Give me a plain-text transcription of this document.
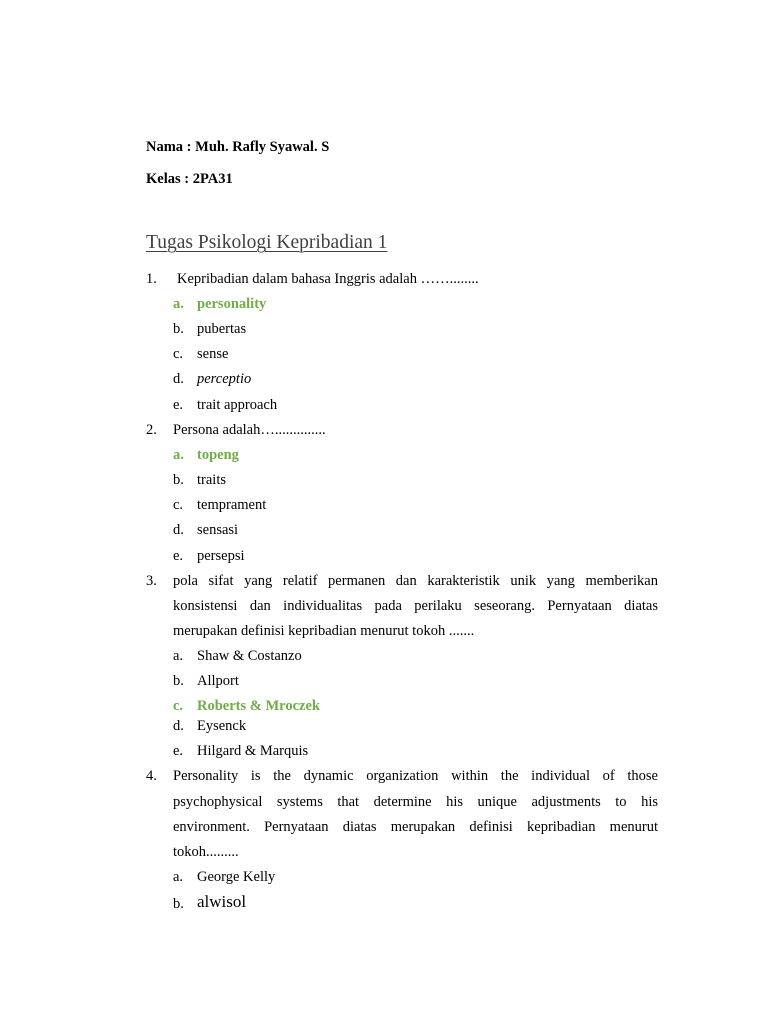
Nama : Muh. Rafly Syawal. S
Kelas : 2PA31
Tugas Psikologi Kepribadian 1
1. Kepribadian dalam bahasa Inggris adalah ……........
a. personality
b. pubertas
c. sense
d. perceptio
e. trait approach
2. Persona adalah…..............
a. topeng
b. traits
c. tempramen​t
d. sensasi
e. persepsi
3. pola sifat yang relatif permanen dan karakteristik unik yang memberikan
konsistensi dan individualitas pada perilaku seseorang. Pernyataan diatas
merupakan definisi kepribadian menurut tokoh .......
a. Shaw & Costanzo
b. Allport
c. Roberts & Mroczek
d. Eysenck
e. Hilgard & Marquis
4. Personality is the dynamic organization within the individual of those
psychophysical systems that determine his unique adjustments to his
environment. Pernyataan diatas merupakan definisi kepribadian menurut
tokoh.........
a. George Kelly
b. alwisol
